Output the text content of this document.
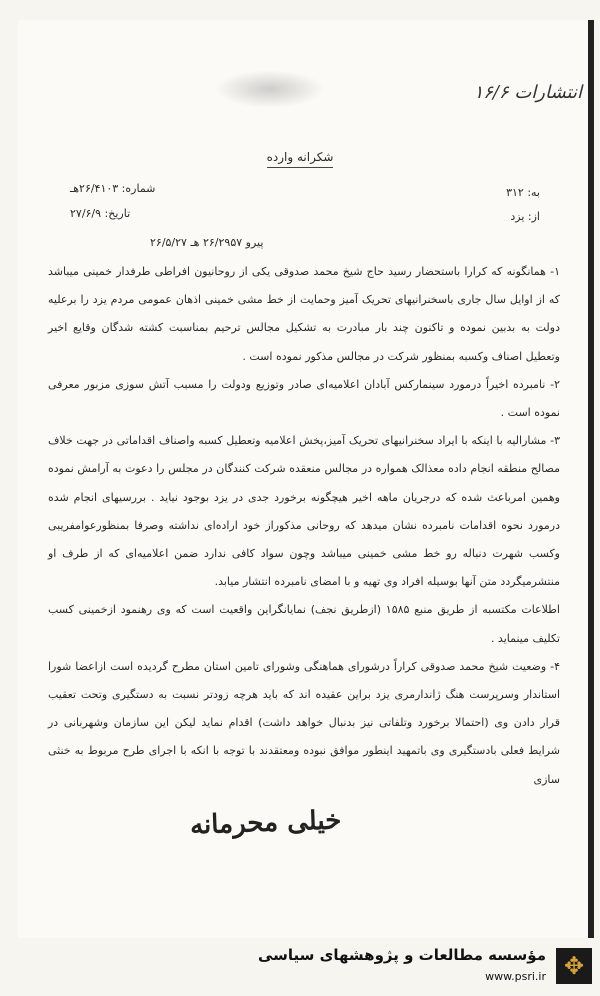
انتشارات ۱۶/۶
شکرانه وارده
به: ۳۱۲
از: یزد
شماره: ۲۶/۴۱۰۳هـ
تاریخ: ۲۷/۶/۹
پیرو ۲۶/۲۹۵۷ هـ ۲۶/۵/۲۷

۱- همانگونه که کرارا باستحضار رسید حاج شیخ محمد صدوقی یکی از روحانیون افراطی طرفدار خمینی میباشد که از اوایل سال جاری باسخنرانیهای تحریک آمیز وحمایت از خط مشی خمینی اذهان عمومی مردم یزد را برعلیه دولت به بدبین نموده و تاکنون چند بار مبادرت به تشکیل مجالس ترحیم بمناسبت کشته شدگان وقایع اخیر وتعطیل اصناف وکسبه بمنظور شرکت در مجالس مذکور نموده است .

۲- نامبرده اخیراً درمورد سینمارکس آبادان اعلامیه‌ای صادر وتوزیع ودولت را مسبب آتش سوزی مزبور معرفی نموده است .

۳- مشارالیه با اینکه با ایراد سخنرانیهای تحریک آمیز،پخش اعلامیه وتعطیل کسبه واصناف اقداماتی در جهت خلاف مصالح منطقه انجام داده معذالک همواره در مجالس منعقده شرکت کنندگان در مجلس را دعوت به آرامش نموده وهمین امرباعث شده که درجریان ماهه اخیر هیچگونه برخورد جدی در یزد بوجود نیاید . بررسیهای انجام شده درمورد نحوه اقدامات نامبرده نشان میدهد که روحانی مذکوراز خود اراده‌ای نداشته وصرفا بمنظورعوامفریبی وکسب شهرت دنباله رو خط مشی خمینی میباشد وچون سواد کافی ندارد ضمن اعلامیه‌ای که از طرف او منتشرمیگردد متن آنها بوسیله افراد وی تهیه و با امضای نامبرده انتشار میابد.

اطلاعات مکتسبه از طریق منبع ۱۵۸۵ (ازطریق نجف) نمایانگراین واقعیت است که وی رهنمود ازخمینی کسب تکلیف مینماید .

۴- وضعیت شیخ محمد صدوقی کراراً درشورای هماهنگی وشورای تامین استان مطرح گردیده است ازاعضا شورا استاندار وسرپرست هنگ ژاندارمری یزد براین عقیده اند که باید هرچه زودتر نسبت به دستگیری وتحت تعقیب قرار دادن وی (احتمالا برخورد وتلفاتی نیز بدنبال خواهد داشت) اقدام نماید لیکن این سازمان وشهربانی در شرایط فعلی بادستگیری وی باتمهید اینطور موافق نبوده ومعتقدند با توجه با انکه با اجرای طرح مربوط به خنثی سازی

خیلی محرمانه
✥
مؤسسه مطالعات و پژوهشهای سیاسی
www.psri.ir
